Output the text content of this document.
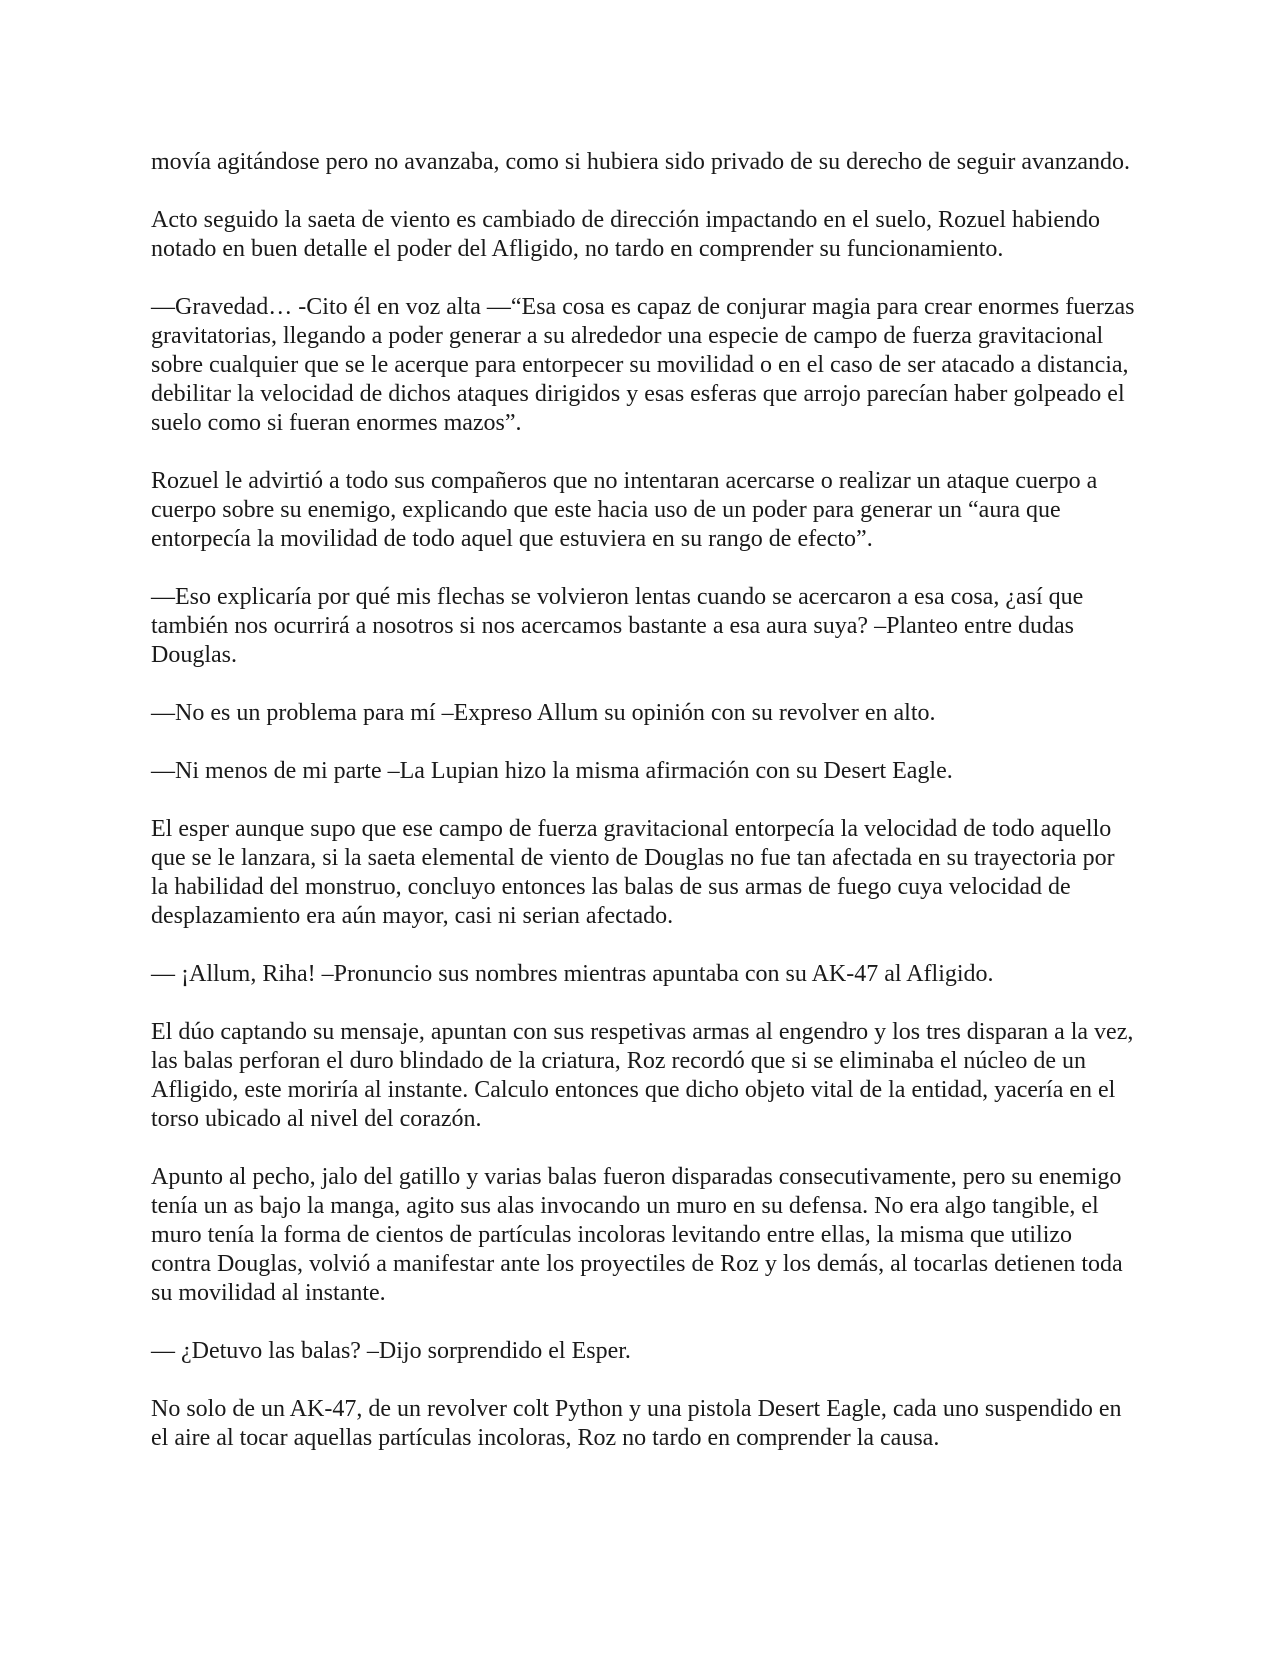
movía agitándose pero no avanzaba, como si hubiera sido privado de su derecho de seguir avanzando.

Acto seguido la saeta de viento es cambiado de dirección impactando en el suelo, Rozuel habiendo notado en buen detalle el poder del Afligido, no tardo en comprender su funcionamiento.

—Gravedad… -Cito él en voz alta —“Esa cosa es capaz de conjurar magia para crear enormes fuerzas gravitatorias, llegando a poder generar a su alrededor una especie de campo de fuerza gravitacional sobre cualquier que se le acerque para entorpecer su movilidad o en el caso de ser atacado a distancia, debilitar la velocidad de dichos ataques dirigidos y esas esferas que arrojo parecían haber golpeado el suelo como si fueran enormes mazos”.

Rozuel le advirtió a todo sus compañeros que no intentaran acercarse o realizar un ataque cuerpo a cuerpo sobre su enemigo, explicando que este hacia uso de un poder para generar un “aura que entorpecía la movilidad de todo aquel que estuviera en su rango de efecto”.

—Eso explicaría por qué mis flechas se volvieron lentas cuando se acercaron a esa cosa, ¿así que también nos ocurrirá a nosotros si nos acercamos bastante a esa aura suya? –Planteo entre dudas Douglas.

—No es un problema para mí –Expreso Allum su opinión con su revolver en alto.

—Ni menos de mi parte –La Lupian hizo la misma afirmación con su Desert Eagle.

El esper aunque supo que ese campo de fuerza gravitacional entorpecía la velocidad de todo aquello que se le lanzara, si la saeta elemental de viento de Douglas no fue tan afectada en su trayectoria por la habilidad del monstruo, concluyo entonces las balas de sus armas de fuego cuya velocidad de desplazamiento era aún mayor, casi ni serian afectado.

— ¡Allum, Riha! –Pronuncio sus nombres mientras apuntaba con su AK-47 al Afligido.

El dúo captando su mensaje, apuntan con sus respetivas armas al engendro y los tres disparan a la vez, las balas perforan el duro blindado de la criatura, Roz recordó que si se eliminaba el núcleo de un Afligido, este moriría al instante. Calculo entonces que dicho objeto vital de la entidad, yacería en el torso ubicado al nivel del corazón.

Apunto al pecho, jalo del gatillo y varias balas fueron disparadas consecutivamente, pero su enemigo tenía un as bajo la manga, agito sus alas invocando un muro en su defensa. No era algo tangible, el muro tenía la forma de cientos de partículas incoloras levitando entre ellas, la misma que utilizo contra Douglas, volvió a manifestar ante los proyectiles de Roz y los demás, al tocarlas detienen toda su movilidad al instante.

— ¿Detuvo las balas? –Dijo sorprendido el Esper.

No solo de un AK-47, de un revolver colt Python y una pistola Desert Eagle, cada uno suspendido en el aire al tocar aquellas partículas incoloras, Roz no tardo en comprender la causa.
